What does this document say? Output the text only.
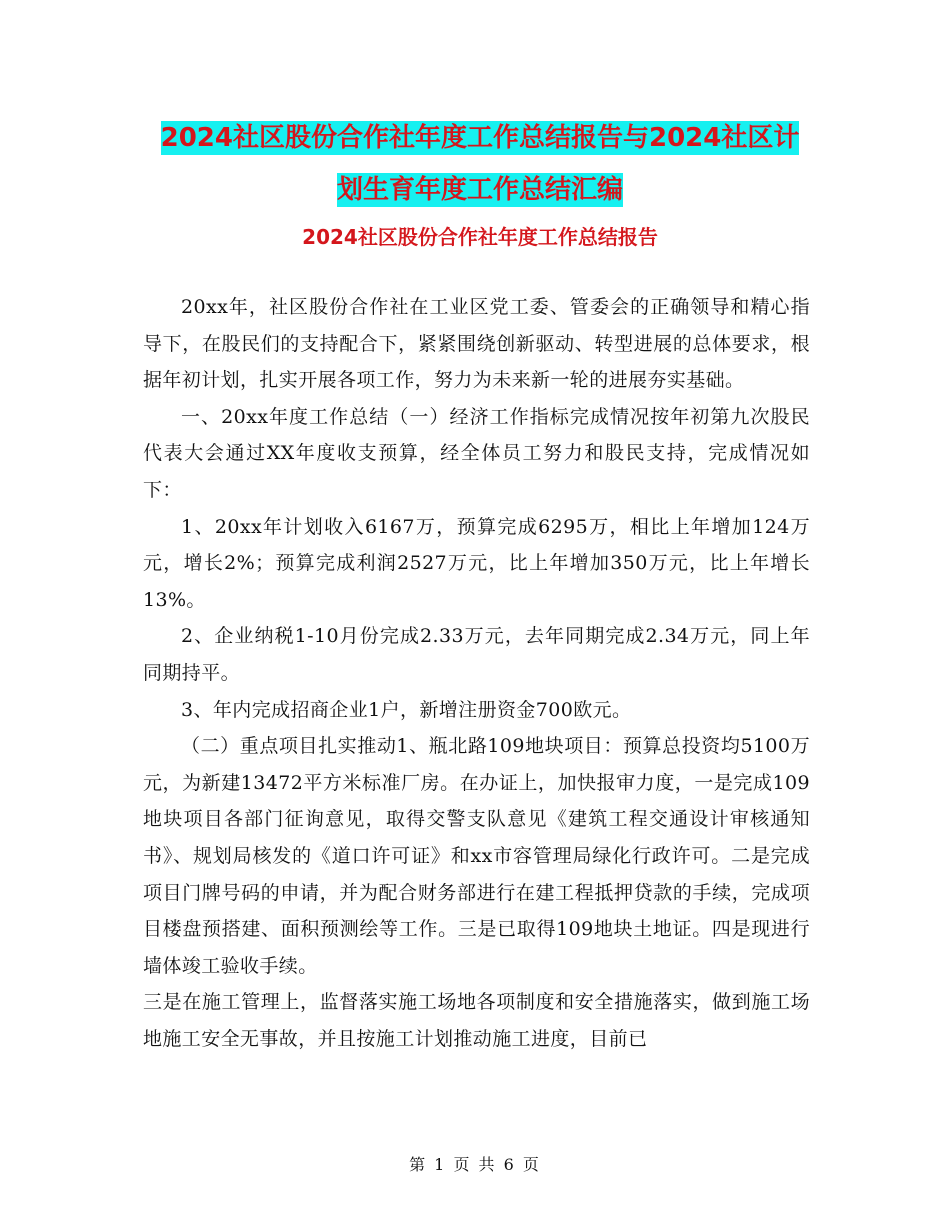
2024社区股份合作社年度工作总结报告与2024社区计
划生育年度工作总结汇编
2024社区股份合作社年度工作总结报告

20xx年，社区股份合作社在工业区党工委、管委会的正确领导和精心指导下，在股民们的支持配合下，紧紧围绕创新驱动、转型进展的总体要求，根据年初计划，扎实开展各项工作，努力为未来新一轮的进展夯实基础。

一、20xx年度工作总结（一）经济工作指标完成情况按年初第九次股民代表大会通过XX年度收支预算，经全体员工努力和股民支持，完成情况如下：

1、20xx年计划收入6167万，预算完成6295万，相比上年增加124万元，增长2%；预算完成利润2527万元，比上年增加350万元，比上年增长13%。

2、企业纳税1-10月份完成2.33万元，去年同期完成2.34万元，同上年同期持平。

3、年内完成招商企业1户，新增注册资金700欧元。

（二）重点项目扎实推动1、瓶北路109地块项目：预算总投资均5100万元，为新建13472平方米标准厂房。在办证上，加快报审力度，一是完成109地块项目各部门征询意见，取得交警支队意见《建筑工程交通设计审核通知书》、规划局核发的《道口许可证》和xx市容管理局绿化行政许可。二是完成项目门牌号码的申请，并为配合财务部进行在建工程抵押贷款的手续，完成项目楼盘预搭建、面积预测绘等工作。三是已取得109地块土地证。四是现进行墙体竣工验收手续。

三是在施工管理上，监督落实施工场地各项制度和安全措施落实，做到施工场地施工安全无事故，并且按施工计划推动施工进度，目前已

第 1 页 共 6 页
